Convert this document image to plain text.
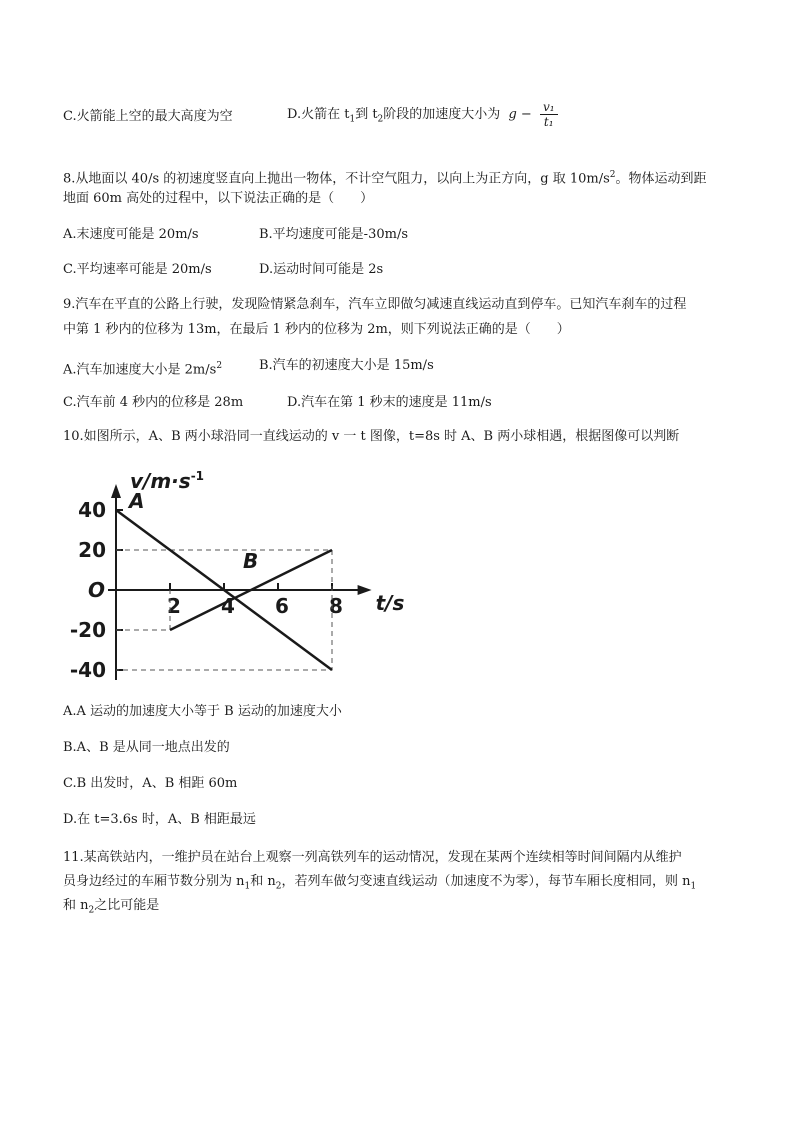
C.火箭能上空的最大高度为空	D.火箭在 $t_1$到 $t_2$阶段的加速度大小为 $g - \frac{\text{v₁}}{\text{t₁}}$
8.从地面以 40/s 的初速度竖直向上抛出一物体，不计空气阻力，以向上为正方向，g 取 $10m/s^2$。物体运动到距
地面 60m 高处的过程中，以下说法正确的是（　　）
A.末速度可能是 20m/s	B.平均速度可能是-30m/s
C.平均速率可能是 20m/s	D.运动时间可能是 2s
9.汽车在平直的公路上行驶，发现险情紧急刹车，汽车立即做匀减速直线运动直到停车。已知汽车刹车的过程
中第 1 秒内的位移为 13m，在最后 1 秒内的位移为 2m，则下列说法正确的是（　　）
A.汽车加速度大小是 $2m/s^2$	B.汽车的初速度大小是 15m/s
C.汽车前 4 秒内的位移是 28m	D.汽车在第 1 秒末的速度是 11m/s
10.如图所示，A、B 两小球沿同一直线运动的 v 一 t 图像，t=8s 时 A、B 两小球相遇，根据图像可以判断
$v/m\cdot s^{-1}$
t/s
O
40
20
-20
-40
2 4 6 8
A
B
A.A 运动的加速度大小等于 B 运动的加速度大小
B.A、B 是从同一地点出发的
C.B 出发时，A、B 相距 60m
D.在 t=3.6s 时，A、B 相距最远
11.某高铁站内，一维护员在站台上观察一列高铁列车的运动情况，发现在某两个连续相等时间间隔内从维护
员身边经过的车厢节数分别为 $n_1$和 $n_2$，若列车做匀变速直线运动（加速度不为零），每节车厢长度相同，则 $n_1$
和 $n_2$之比可能是
